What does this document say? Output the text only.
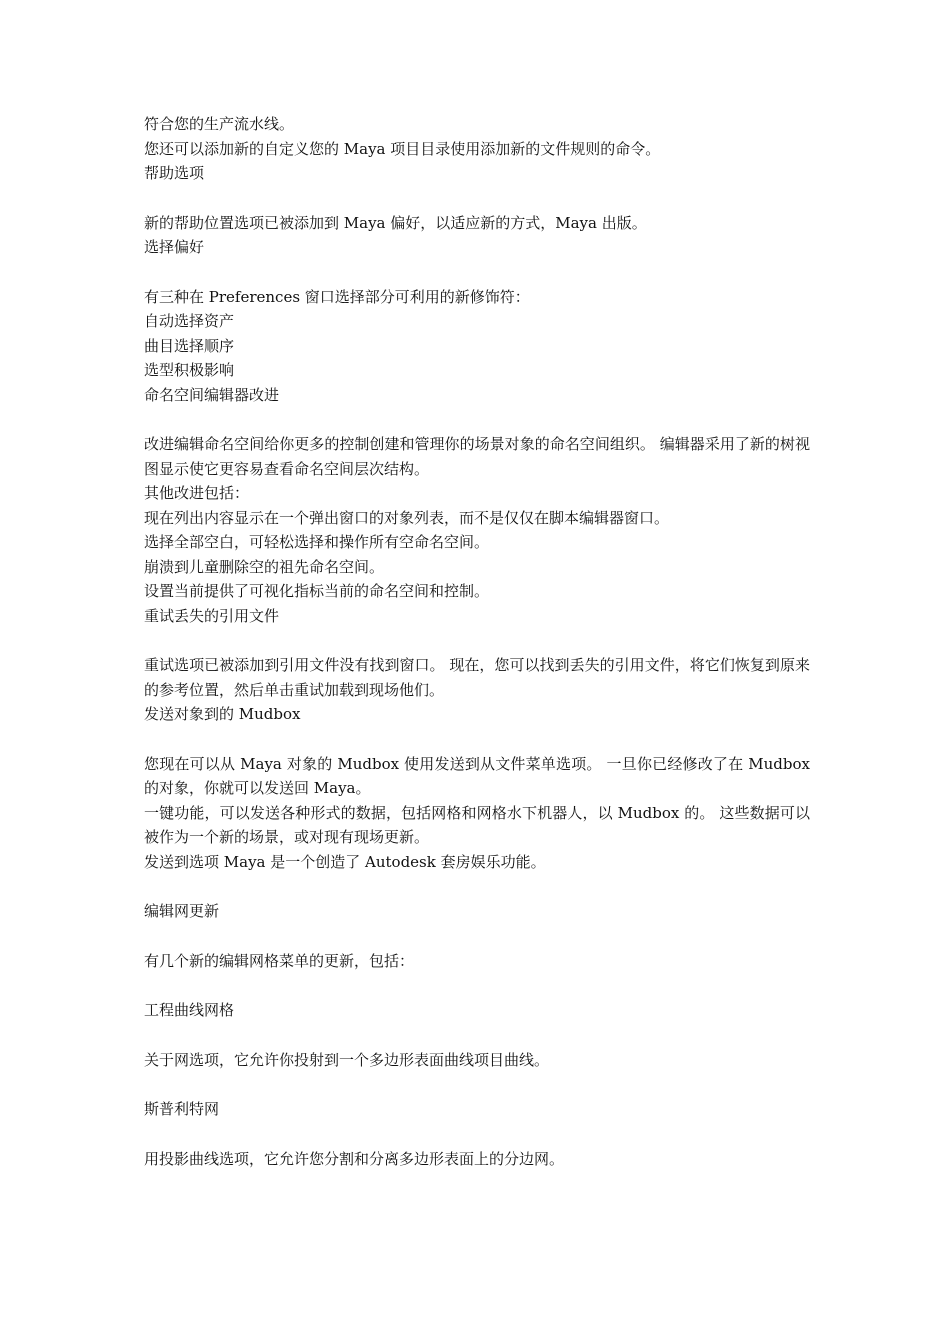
符合您的生产流水线。

您还可以添加新的自定义您的 Maya 项目目录使用添加新的文件规则的命令。

帮助选项

新的帮助位置选项已被添加到 Maya 偏好，以适应新的方式，Maya 出版。

选择偏好

有三种在 Preferences 窗口选择部分可利用的新修饰符：

自动选择资产

曲目选择顺序

选型积极影响

命名空间编辑器改进

改进编辑命名空间给你更多的控制创建和管理你的场景对象的命名空间组织。 编辑器采用了新的树视图显示使它更容易查看命名空间层次结构。

其他改进包括：

现在列出内容显示在一个弹出窗口的对象列表，而不是仅仅在脚本编辑器窗口。

选择全部空白，可轻松选择和操作所有空命名空间。

崩溃到儿童删除空的祖先命名空间。

设置当前提供了可视化指标当前的命名空间和控制。

重试丢失的引用文件

重试选项已被添加到引用文件没有找到窗口。 现在，您可以找到丢失的引用文件，将它们恢复到原来的参考位置，然后单击重试加载到现场他们。

发送对象到的 Mudbox

您现在可以从 Maya 对象的 Mudbox 使用发送到从文件菜单选项。 一旦你已经修改了在 Mudbox 的对象，你就可以发送回 Maya。

一键功能，可以发送各种形式的数据，包括网格和网格水下机器人，以 Mudbox 的。 这些数据可以被作为一个新的场景，或对现有现场更新。

发送到选项 Maya 是一个创造了 Autodesk 套房娱乐功能。

编辑网更新

有几个新的编辑网格菜单的更新，包括：

工程曲线网格

关于网选项，它允许你投射到一个多边形表面曲线项目曲线。

斯普利特网

用投影曲线选项，它允许您分割和分离多边形表面上的分边网。
